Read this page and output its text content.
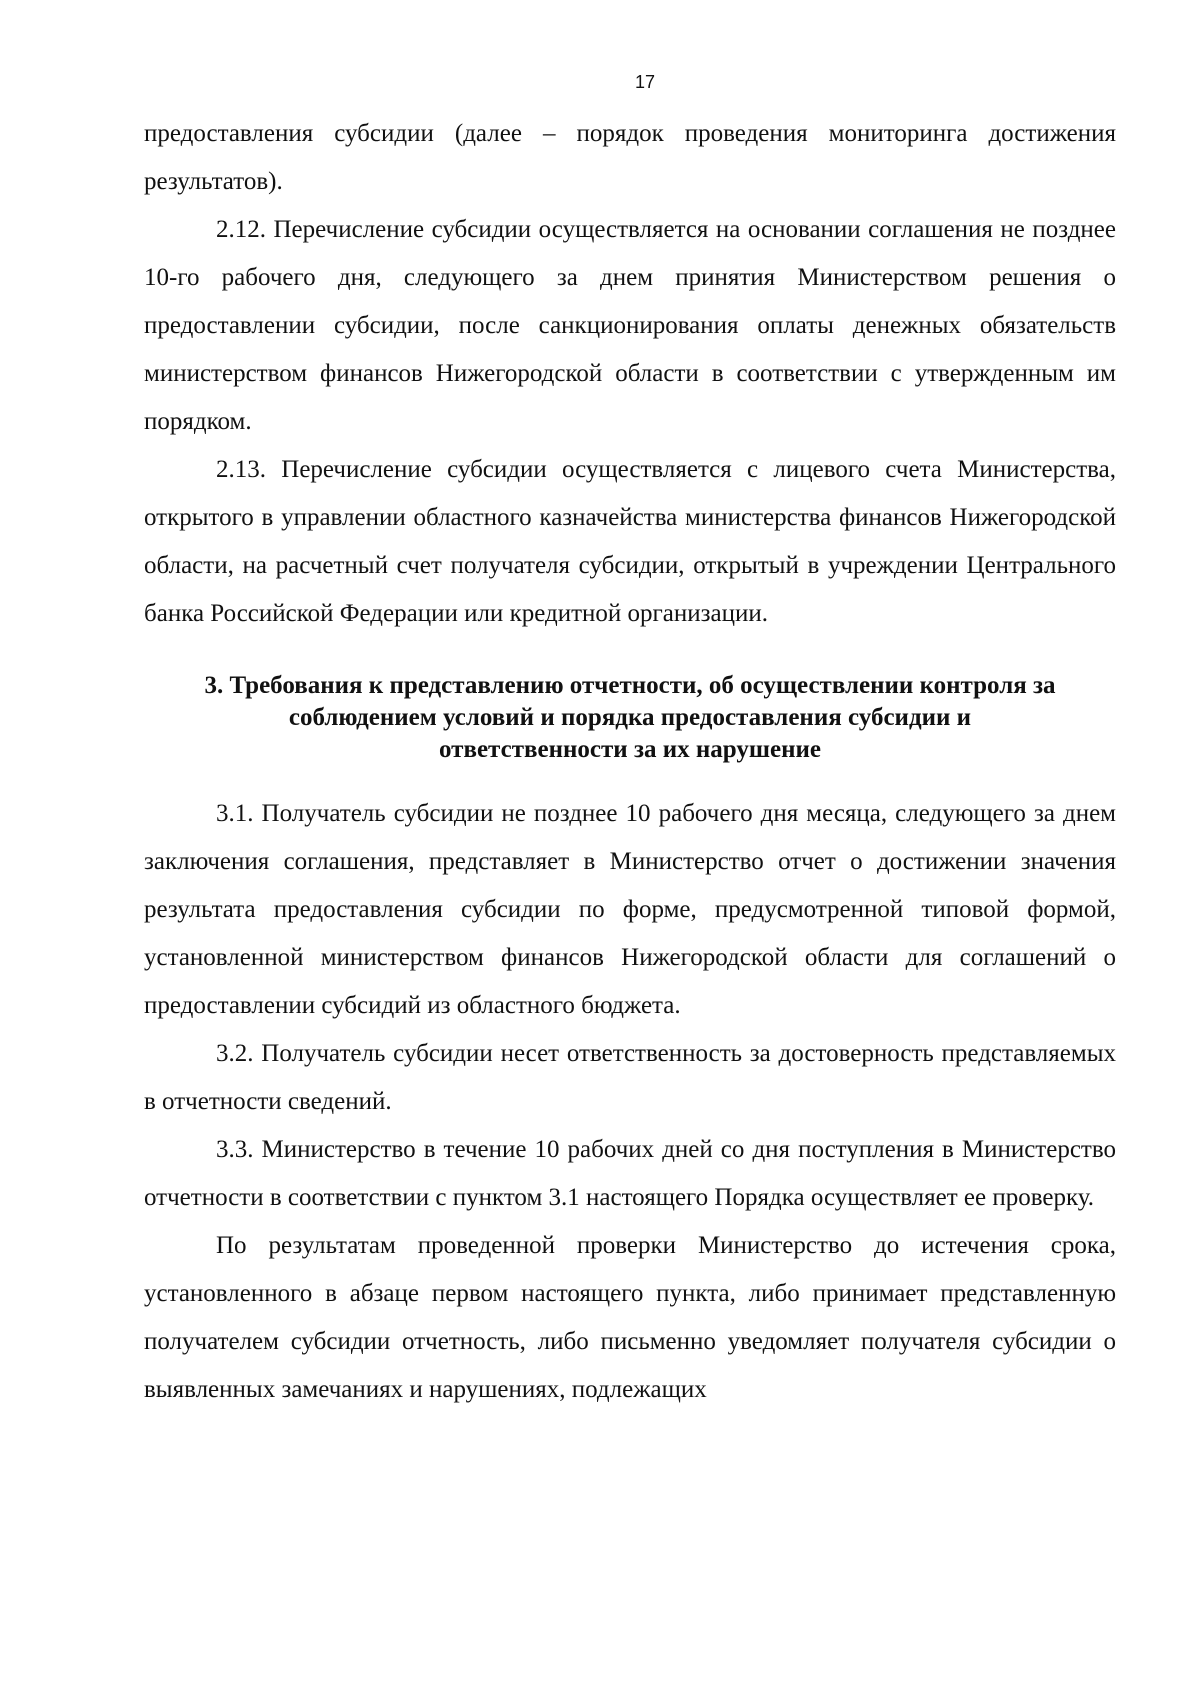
17

предоставления субсидии (далее – порядок проведения мониторинга достижения результатов).

2.12. Перечисление субсидии осуществляется на основании соглашения не позднее 10-го рабочего дня, следующего за днем принятия Министерством решения о предоставлении субсидии, после санкционирования оплаты денежных обязательств министерством финансов Нижегородской области в соответствии с утвержденным им порядком.

2.13. Перечисление субсидии осуществляется с лицевого счета Министерства, открытого в управлении областного казначейства министерства финансов Нижегородской области, на расчетный счет получателя субсидии, открытый в учреждении Центрального банка Российской Федерации или кредитной организации.

3. Требования к представлению отчетности, об осуществлении контроля за
соблюдением условий и порядка предоставления субсидии и
ответственности за их нарушение

3.1. Получатель субсидии не позднее 10 рабочего дня месяца, следующего за днем заключения соглашения, представляет в Министерство отчет о достижении значения результата предоставления субсидии по форме, предусмотренной типовой формой, установленной министерством финансов Нижегородской области для соглашений о предоставлении субсидий из областного бюджета.

3.2. Получатель субсидии несет ответственность за достоверность представляемых в отчетности сведений.

3.3. Министерство в течение 10 рабочих дней со дня поступления в Министерство отчетности в соответствии с пунктом 3.1 настоящего Порядка осуществляет ее проверку.

По результатам проведенной проверки Министерство до истечения срока, установленного в абзаце первом настоящего пункта, либо принимает представленную получателем субсидии отчетность, либо письменно уведомляет получателя субсидии о выявленных замечаниях и нарушениях, подлежащих
